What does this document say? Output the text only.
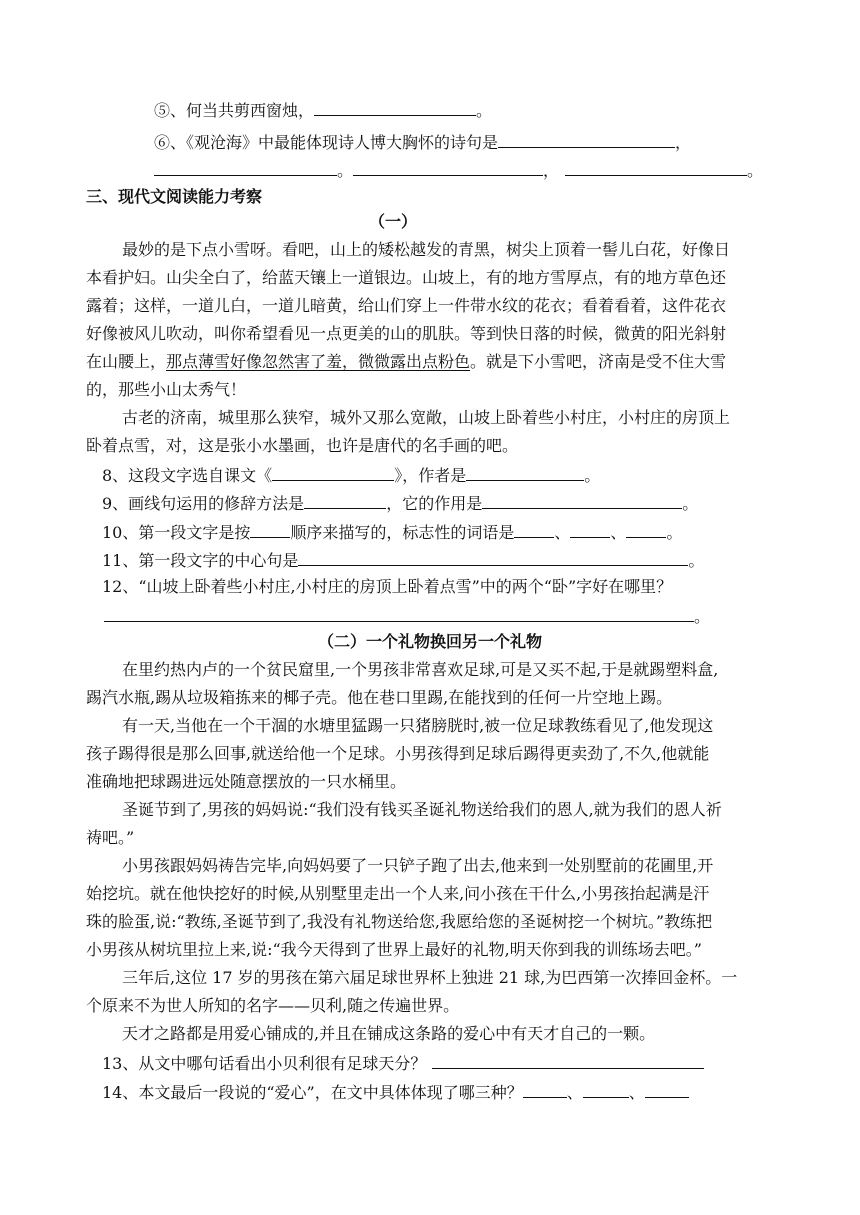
⑤、何当共剪西窗烛，	。
⑥、《观沧海》中最能体现诗人博大胸怀的诗句是	，
。	，	。
三、现代文阅读能力考察
（一）
最妙的是下点小雪呀。看吧，山上的矮松越发的青黑，树尖上顶着一髻儿白花，好像日
本看护妇。山尖全白了，给蓝天镶上一道银边。山坡上，有的地方雪厚点，有的地方草色还
露着；这样，一道儿白，一道儿暗黄，给山们穿上一件带水纹的花衣；看着看着，这件花衣
好像被风儿吹动，叫你希望看见一点更美的山的肌肤。等到快日落的时候，微黄的阳光斜射
在山腰上，那点薄雪好像忽然害了羞，微微露出点粉色。就是下小雪吧，济南是受不住大雪
的，那些小山太秀气！
古老的济南，城里那么狭窄，城外又那么宽敞，山坡上卧着些小村庄，小村庄的房顶上
卧着点雪，对，这是张小水墨画，也许是唐代的名手画的吧。
8、这段文字选自课文《	》，作者是	。
9、画线句运用的修辞方法是	，它的作用是	。
10、第一段文字是按	顺序来描写的，标志性的词语是	、	、	。
11、第一段文字的中心句是	。
12、“山坡上卧着些小村庄,小村庄的房顶上卧着点雪”中的两个“卧”字好在哪里？
。
（二）一个礼物换回另一个礼物
在里约热内卢的一个贫民窟里,一个男孩非常喜欢足球,可是又买不起,于是就踢塑料盒,
踢汽水瓶,踢从垃圾箱拣来的椰子壳。他在巷口里踢,在能找到的任何一片空地上踢。
有一天,当他在一个干涸的水塘里猛踢一只猪膀胱时,被一位足球教练看见了,他发现这
孩子踢得很是那么回事,就送给他一个足球。小男孩得到足球后踢得更卖劲了,不久,他就能
准确地把球踢进远处随意摆放的一只水桶里。
圣诞节到了,男孩的妈妈说:“我们没有钱买圣诞礼物送给我们的恩人,就为我们的恩人祈
祷吧。”
小男孩跟妈妈祷告完毕,向妈妈要了一只铲子跑了出去,他来到一处别墅前的花圃里,开
始挖坑。就在他快挖好的时候,从别墅里走出一个人来,问小孩在干什么,小男孩抬起满是汗
珠的脸蛋,说:“教练,圣诞节到了,我没有礼物送给您,我愿给您的圣诞树挖一个树坑。”教练把
小男孩从树坑里拉上来,说:“我今天得到了世界上最好的礼物,明天你到我的训练场去吧。”
三年后,这位 17 岁的男孩在第六届足球世界杯上独进 21 球,为巴西第一次捧回金杯。一
个原来不为世人所知的名字——贝利,随之传遍世界。
天才之路都是用爱心铺成的,并且在铺成这条路的爱心中有天才自己的一颗。
13、从文中哪句话看出小贝利很有足球天分？
14、本文最后一段说的“爱心”，在文中具体体现了哪三种？	、	、
